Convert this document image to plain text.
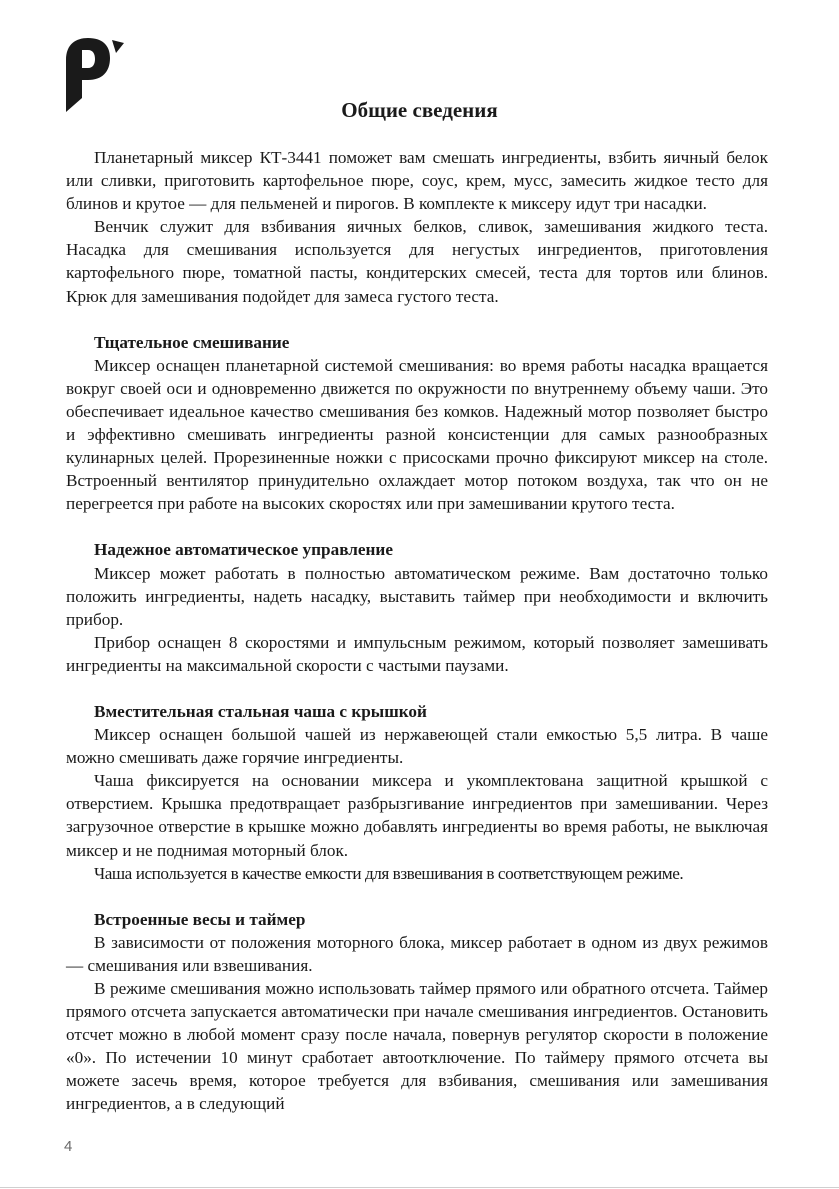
Общие сведения

Планетарный миксер КТ-3441 поможет вам смешать ингредиенты, взбить яичный белок или сливки, приготовить картофельное пюре, соус, крем, мусс, замесить жидкое тесто для блинов и крутое — для пельменей и пирогов. В комплекте к миксеру идут три насадки.

Венчик служит для взбивания яичных белков, сливок, замешивания жидкого теста. Насадка для смешивания используется для негустых ингредиентов, приготовления картофельного пюре, томатной пасты, кондитерских смесей, теста для тортов или блинов. Крюк для замешивания подойдет для замеса густого теста.

Тщательное смешивание

Миксер оснащен планетарной системой смешивания: во время работы насадка вращается вокруг своей оси и одновременно движется по окружности по внутреннему объему чаши. Это обеспечивает идеальное качество смешивания без комков. Надежный мотор позволяет быстро и эффективно смешивать ингредиенты разной консистенции для самых разнообразных кулинарных целей. Прорезиненные ножки с присосками прочно фиксируют миксер на столе. Встроенный вентилятор принудительно охлаждает мотор потоком воздуха, так что он не перегреется при работе на высоких скоростях или при замешивании крутого теста.

Надежное автоматическое управление

Миксер может работать в полностью автоматическом режиме. Вам достаточно только положить ингредиенты, надеть насадку, выставить таймер при необходимости и включить прибор.

Прибор оснащен 8 скоростями и импульсным режимом, который позволяет замешивать ингредиенты на максимальной скорости с частыми паузами.

Вместительная стальная чаша с крышкой

Миксер оснащен большой чашей из нержавеющей стали емкостью 5,5 литра. В чаше можно смешивать даже горячие ингредиенты.

Чаша фиксируется на основании миксера и укомплектована защитной крышкой с отверстием. Крышка предотвращает разбрызгивание ингредиентов при замешивании. Через загрузочное отверстие в крышке можно добавлять ингредиенты во время работы, не выключая миксер и не поднимая моторный блок.

Чаша используется в качестве емкости для взвешивания в соответствующем режиме.

Встроенные весы и таймер

В зависимости от положения моторного блока, миксер работает в одном из двух режимов — смешивания или взвешивания.

В режиме смешивания можно использовать таймер прямого или обратного отсчета. Таймер прямого отсчета запускается автоматически при начале смешивания ингредиентов. Остановить отсчет можно в любой момент сразу после начала, повернув регулятор скорости в положение «0». По истечении 10 минут сработает автоотключение. По таймеру прямого отсчета вы можете засечь время, которое требуется для взбивания, смешивания или замешивания ингредиентов, а в следующий

4
